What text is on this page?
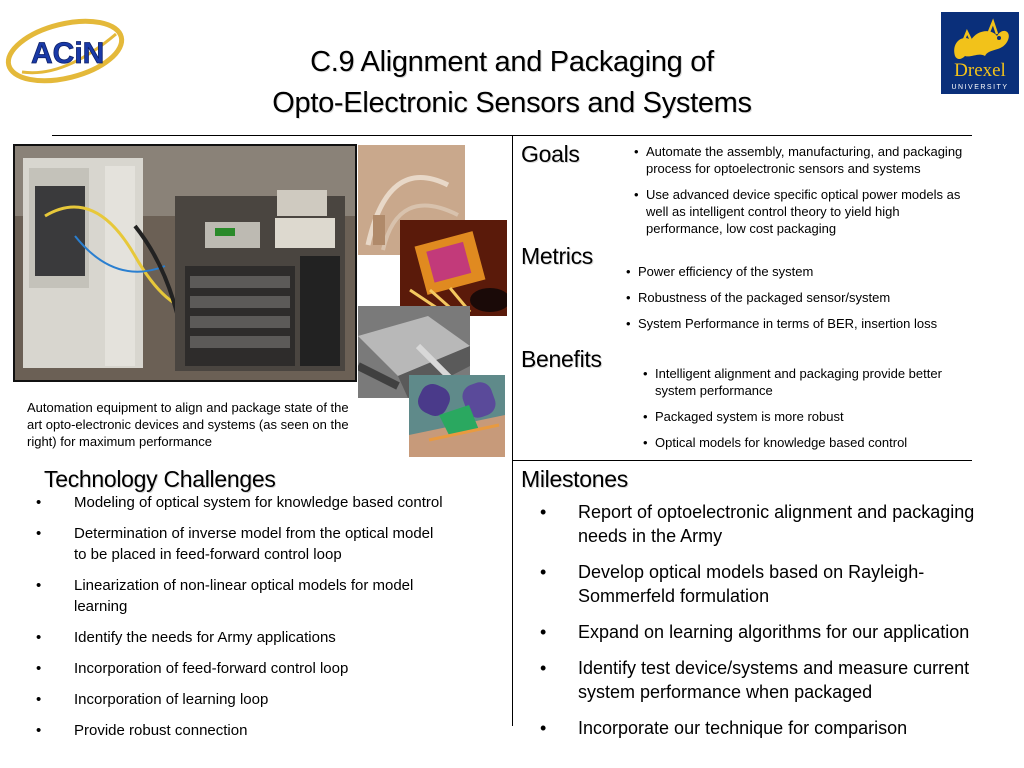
ACiN
Drexel
UNIVERSITY
C.9 Alignment and Packaging of
Opto-Electronic Sensors and Systems
Automation equipment to align and package state of the art opto-electronic devices and systems (as seen on the right) for maximum performance
Goals
•	Automate the assembly, manufacturing, and packaging process for optoelectronic sensors and systems
• Use advanced device specific optical power models as well as intelligent control theory to yield high performance, low cost packaging
Metrics
• Power efficiency of the system
• Robustness of the packaged sensor/system
• System Performance in terms of BER, insertion loss
Benefits
• Intelligent alignment and packaging provide better system performance
• Packaged system is more robust
• Optical models for knowledge based control
Technology Challenges
• Modeling of optical system for knowledge based control
• Determination of inverse model from the optical model to be placed in feed-forward control loop
• Linearization of non-linear optical models for model learning
• Identify the needs for Army applications
• Incorporation of feed-forward control loop
• Incorporation of learning loop
• Provide robust connection
Milestones
• Report of optoelectronic alignment and packaging needs in the Army
• Develop optical models based on Rayleigh-Sommerfeld formulation
• Expand on learning algorithms for our application
• Identify test device/systems and measure current system performance when packaged
• Incorporate our technique for comparison
